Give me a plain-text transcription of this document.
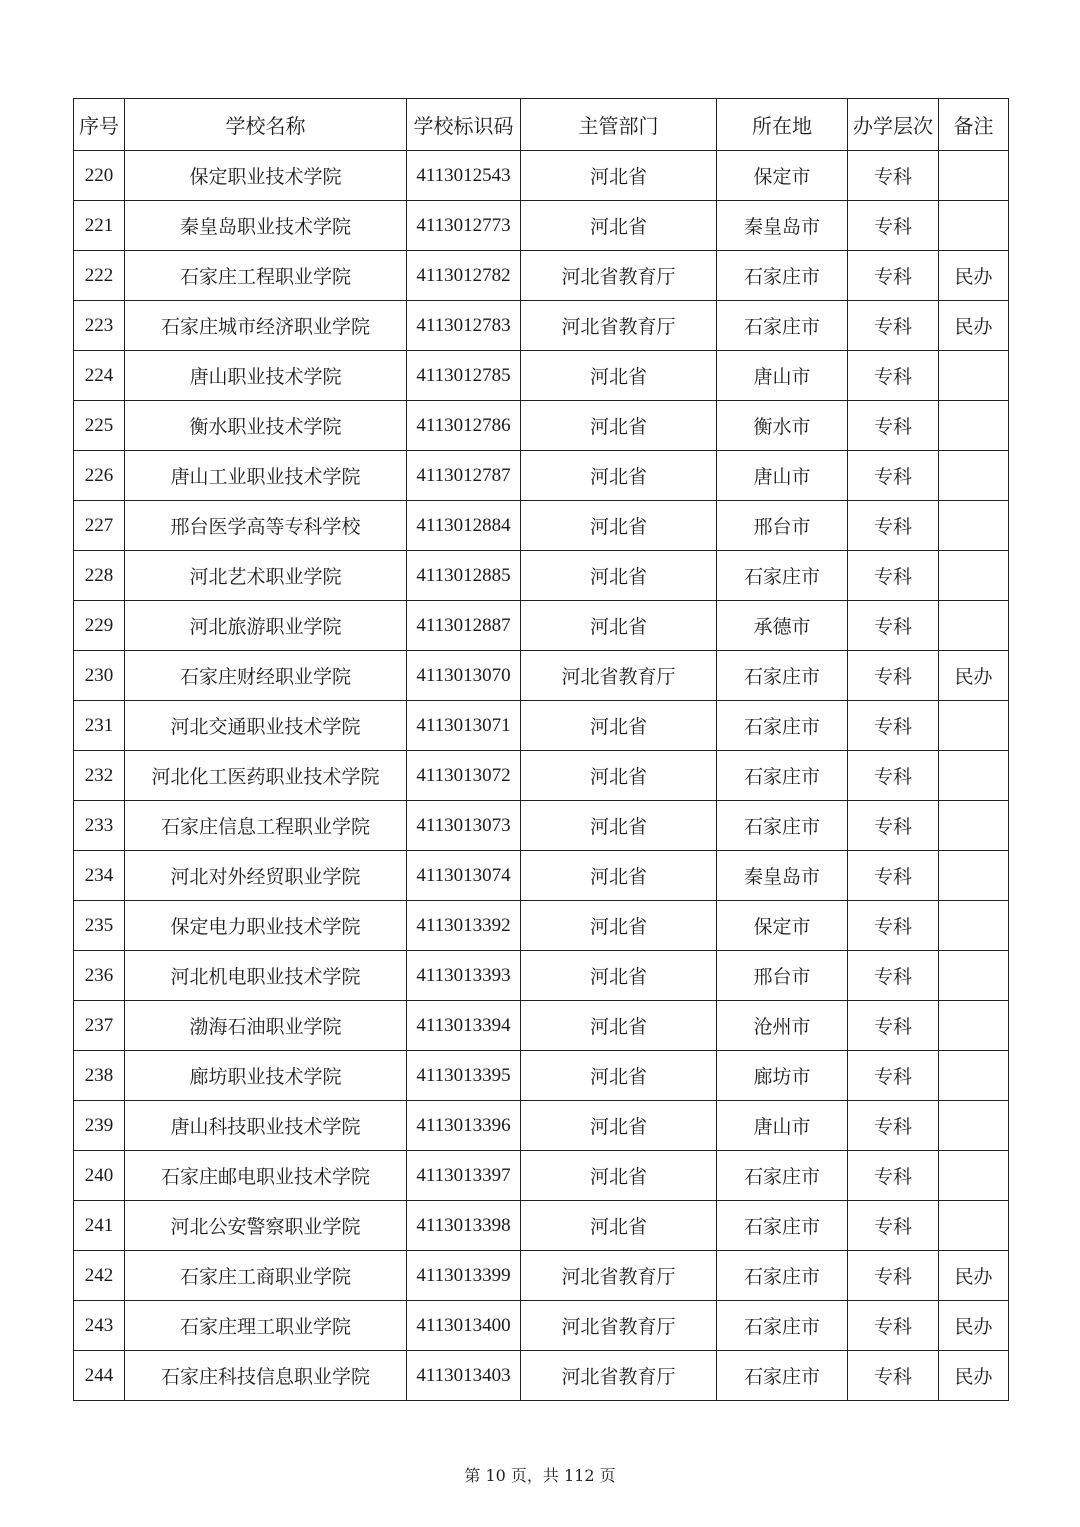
序号	学校名称	学校标识码	主管部门	所在地	办学层次	备注
220	保定职业技术学院	4113012543	河北省	保定市	专科	
221	秦皇岛职业技术学院	4113012773	河北省	秦皇岛市	专科	
222	石家庄工程职业学院	4113012782	河北省教育厅	石家庄市	专科	民办
223	石家庄城市经济职业学院	4113012783	河北省教育厅	石家庄市	专科	民办
224	唐山职业技术学院	4113012785	河北省	唐山市	专科	
225	衡水职业技术学院	4113012786	河北省	衡水市	专科	
226	唐山工业职业技术学院	4113012787	河北省	唐山市	专科	
227	邢台医学高等专科学校	4113012884	河北省	邢台市	专科	
228	河北艺术职业学院	4113012885	河北省	石家庄市	专科	
229	河北旅游职业学院	4113012887	河北省	承德市	专科	
230	石家庄财经职业学院	4113013070	河北省教育厅	石家庄市	专科	民办
231	河北交通职业技术学院	4113013071	河北省	石家庄市	专科	
232	河北化工医药职业技术学院	4113013072	河北省	石家庄市	专科	
233	石家庄信息工程职业学院	4113013073	河北省	石家庄市	专科	
234	河北对外经贸职业学院	4113013074	河北省	秦皇岛市	专科	
235	保定电力职业技术学院	4113013392	河北省	保定市	专科	
236	河北机电职业技术学院	4113013393	河北省	邢台市	专科	
237	渤海石油职业学院	4113013394	河北省	沧州市	专科	
238	廊坊职业技术学院	4113013395	河北省	廊坊市	专科	
239	唐山科技职业技术学院	4113013396	河北省	唐山市	专科	
240	石家庄邮电职业技术学院	4113013397	河北省	石家庄市	专科	
241	河北公安警察职业学院	4113013398	河北省	石家庄市	专科	
242	石家庄工商职业学院	4113013399	河北省教育厅	石家庄市	专科	民办
243	石家庄理工职业学院	4113013400	河北省教育厅	石家庄市	专科	民办
244	石家庄科技信息职业学院	4113013403	河北省教育厅	石家庄市	专科	民办
第 10 页，共 112 页
